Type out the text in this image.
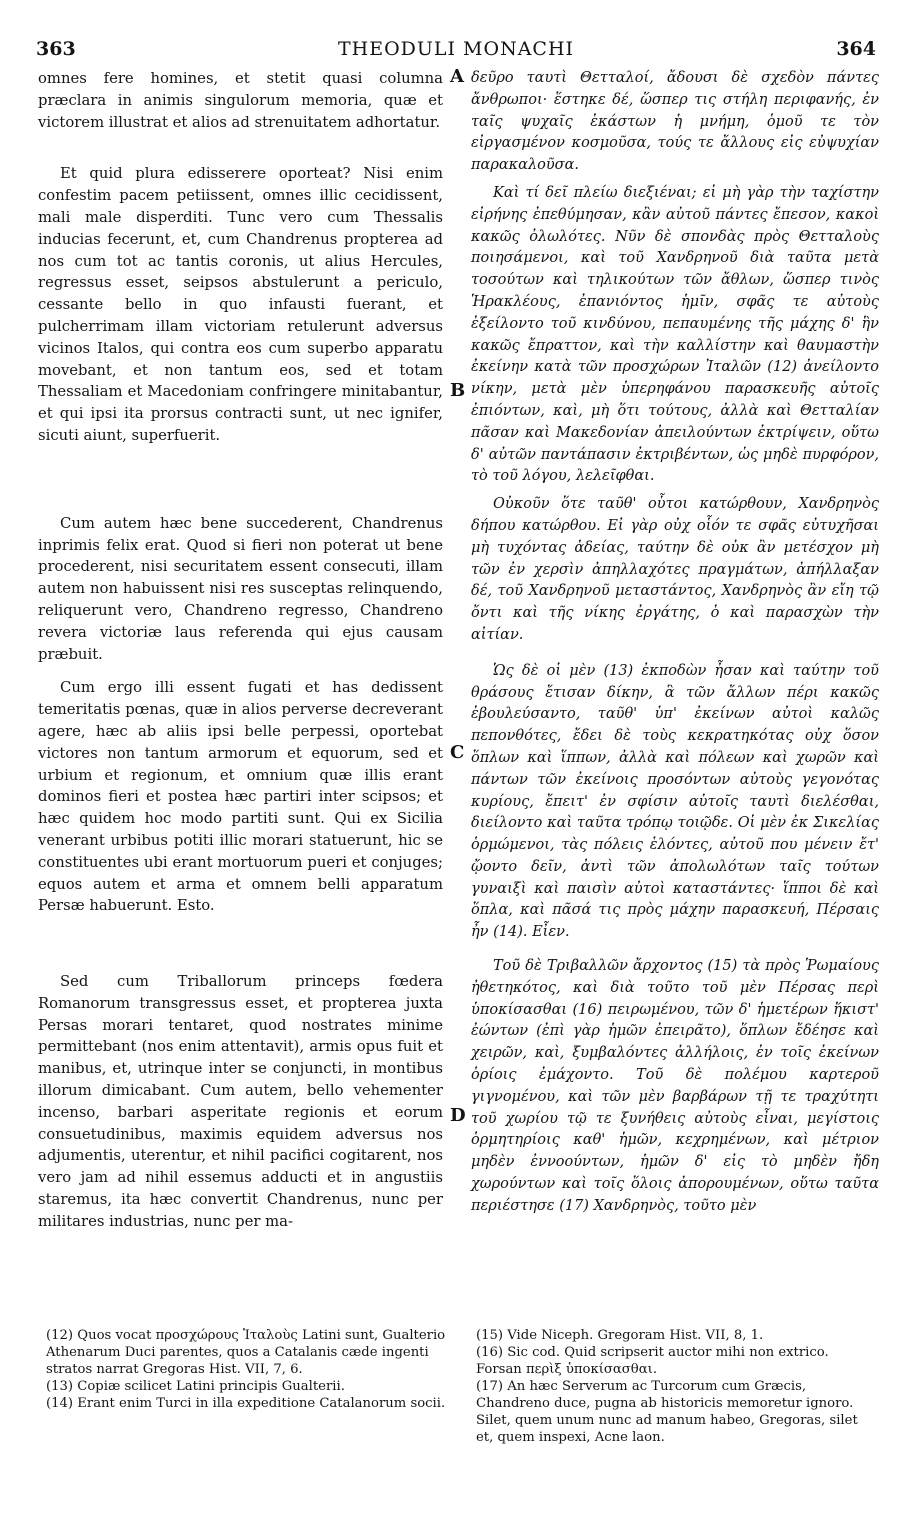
363	THEODULI MONACHI	364

omnes fere homines, et stetit quasi columna præclara in animis singulorum memoria, quæ et victorem illustrat et alios ad strenuitatem adhortatur.

Et quid plura edisserere oporteat? Nisi enim confestim pacem petiissent, omnes illic cecidissent, mali male disperditi. Tunc vero cum Thessalis inducias fecerunt, et, cum Chandrenus propterea ad nos cum tot ac tantis coronis, ut alius Hercules, regressus esset, seipsos abstulerunt a periculo, cessante bello in quo infausti fuerant, et pulcherrimam illam victoriam retulerunt adversus vicinos Italos, qui contra eos cum superbo apparatu movebant, et non tantum eos, sed et totam Thessaliam et Macedoniam confringere minitabantur, et qui ipsi ita prorsus contracti sunt, ut nec ignifer, sicuti aiunt, superfuerit.

Cum autem hæc bene succederent, Chandrenus inprimis felix erat. Quod si fieri non poterat ut bene procederent, nisi securitatem essent consecuti, illam autem non habuissent nisi res susceptas relinquendo, reliquerunt vero, Chandreno regresso, Chandreno revera victoriæ laus referenda qui ejus causam præbuit.

Cum ergo illi essent fugati et has dedissent temeritatis pœnas, quæ in alios perverse decreverant agere, hæc ab aliis ipsi belle perpessi, oportebat victores non tantum armorum et equorum, sed et urbium et regionum, et omnium quæ illis erant dominos fieri et postea hæc partiri inter scipsos; et hæc quidem hoc modo partiti sunt. Qui ex Sicilia venerant urbibus potiti illic morari statuerunt, hic se constituentes ubi erant mortuorum pueri et conjuges; equos autem et arma et omnem belli apparatum Persæ habuerunt. Esto.

Sed cum Triballorum princeps fœdera Romanorum transgressus esset, et propterea juxta Persas morari tentaret, quod nostrates minime permittebant (nos enim attentavit), armis opus fuit et manibus, et, utrinque inter se conjuncti, in montibus illorum dimicabant. Cum autem, bello vehementer incenso, barbari asperitate regionis et eorum consuetudinibus, maximis equidem adversus nos adjumentis, uterentur, et nihil pacifici cogitarent, nos vero jam ad nihil essemus adducti et in angustiis staremus, ita hæc convertit Chandrenus, nunc per militares industrias, nunc per ma-

A
B
C
D

δεῦρο ταυτὶ Θετταλοί, ἄδουσι δὲ σχεδὸν πάντες ἄνθρωποι· ἕστηκε δέ, ὥσπερ τις στήλη περιφανής, ἐν ταῖς ψυχαῖς ἑκάστων ἡ μνήμη, ὁμοῦ τε τὸν εἰργασμένον κοσμοῦσα, τούς τε ἄλλους εἰς εὐψυχίαν παρακαλοῦσα.

Καὶ τί δεῖ πλείω διεξιέναι; εἰ μὴ γὰρ τὴν ταχίστην εἰρήνης ἐπεθύμησαν, κἂν αὐτοῦ πάντες ἔπεσον, κακοὶ κακῶς ὀλωλότες. Νῦν δὲ σπονδὰς πρὸς Θετταλοὺς ποιησάμενοι, καὶ τοῦ Χανδρηνοῦ διὰ ταῦτα μετὰ τοσούτων καὶ τηλικούτων τῶν ἄθλων, ὥσπερ τινὸς Ἡρακλέους, ἐπανιόντος ἡμῖν, σφᾶς τε αὐτοὺς ἐξείλοντο τοῦ κινδύνου, πεπαυμένης τῆς μάχης δ' ἣν κακῶς ἔπραττον, καὶ τὴν καλλίστην καὶ θαυμαστὴν ἐκείνην κατὰ τῶν προσχώρων Ἰταλῶν (12) ἀνείλοντο νίκην, μετὰ μὲν ὑπερηφάνου παρασκευῆς αὐτοῖς ἐπιόντων, καὶ, μὴ ὅτι τούτους, ἀλλὰ καὶ Θετταλίαν πᾶσαν καὶ Μακεδονίαν ἀπειλούντων ἐκτρίψειν, οὕτω δ' αὐτῶν παντάπασιν ἐκτριβέντων, ὡς μηδὲ πυρφόρον, τὸ τοῦ λόγου, λελεῖφθαι.

Οὐκοῦν ὅτε ταῦθ' οὗτοι κατώρθουν, Χανδρηνὸς δήπου κατώρθου. Εἰ γὰρ οὐχ οἷόν τε σφᾶς εὐτυχῆσαι μὴ τυχόντας ἀδείας, ταύτην δὲ οὐκ ἂν μετέσχον μὴ τῶν ἐν χερσὶν ἀπηλλαχότες πραγμάτων, ἀπήλλαξαν δέ, τοῦ Χανδρηνοῦ μεταστάντος, Χανδρηνὸς ἂν εἴη τῷ ὄντι καὶ τῆς νίκης ἐργάτης, ὁ καὶ παρασχὼν τὴν αἰτίαν.

Ὡς δὲ οἱ μὲν (13) ἐκποδὼν ἦσαν καὶ ταύτην τοῦ θράσους ἔτισαν δίκην, ἃ τῶν ἄλλων πέρι κακῶς ἐβουλεύσαντο, ταῦθ' ὑπ' ἐκείνων αὐτοὶ καλῶς πεπονθότες, ἔδει δὲ τοὺς κεκρατηκότας οὐχ ὅσον ὅπλων καὶ ἵππων, ἀλλὰ καὶ πόλεων καὶ χωρῶν καὶ πάντων τῶν ἐκείνοις προσόντων αὐτοὺς γεγονότας κυρίους, ἔπειτ' ἐν σφίσιν αὐτοῖς ταυτὶ διελέσθαι, διείλοντο καὶ ταῦτα τρόπῳ τοιῷδε. Οἱ μὲν ἐκ Σικελίας ὁρμώμενοι, τὰς πόλεις ἑλόντες, αὐτοῦ που μένειν ἔτ' ᾤοντο δεῖν, ἀντὶ τῶν ἀπολωλότων ταῖς τούτων γυναιξὶ καὶ παισὶν αὐτοὶ καταστάντες· ἵπποι δὲ καὶ ὅπλα, καὶ πᾶσά τις πρὸς μάχην παρασκευή, Πέρσαις ἦν (14). Εἶεν.

Τοῦ δὲ Τριβαλλῶν ἄρχοντος (15) τὰ πρὸς Ῥωμαίους ἠθετηκότος, καὶ διὰ τοῦτο τοῦ μὲν Πέρσας περὶ ὑποκίσασθαι (16) πειρωμένου, τῶν δ' ἡμετέρων ἥκιστ' ἐώντων (ἐπὶ γὰρ ἡμῶν ἐπειρᾶτο), ὅπλων ἔδέησε καὶ χειρῶν, καὶ, ξυμβαλόντες ἀλλήλοις, ἐν τοῖς ἐκείνων ὁρίοις ἐμάχοντο. Τοῦ δὲ πολέμου καρτεροῦ γιγνομένου, καὶ τῶν μὲν βαρβάρων τῇ τε τραχύτητι τοῦ χωρίου τῷ τε ξυνήθεις αὐτοὺς εἶναι, μεγίστοις ὁρμητηρίοις καθ' ἡμῶν, κεχρημένων, καὶ μέτριον μηδὲν ἐννοούντων, ἡμῶν δ' εἰς τὸ μηδὲν ἤδη χωρούντων καὶ τοῖς ὅλοις ἀπορουμένων, οὕτω ταῦτα περιέστησε (17) Χανδρηνὸς, τοῦτο μὲν

(12) Quos vocat προσχώρους Ἰταλοὺς Latini sunt, Gualterio Athenarum Duci parentes, quos a Catalanis cæde ingenti stratos narrat Gregoras Hist. VII, 7, 6.
(13) Copiæ scilicet Latini principis Gualterii.
(14) Erant enim Turci in illa expeditione Catalanorum socii.
(15) Vide Niceph. Gregoram Hist. VII, 8, 1.
(16) Sic cod. Quid scripserit auctor mihi non extrico. Forsan περὶξ ὑποκίσασθαι.
(17) An hæc Serverum ac Turcorum cum Græcis, Chandreno duce, pugna ab historicis memoretur ignoro. Silet, quem unum nunc ad manum habeo, Gregoras, silet et, quem inspexi, Acne laon.
